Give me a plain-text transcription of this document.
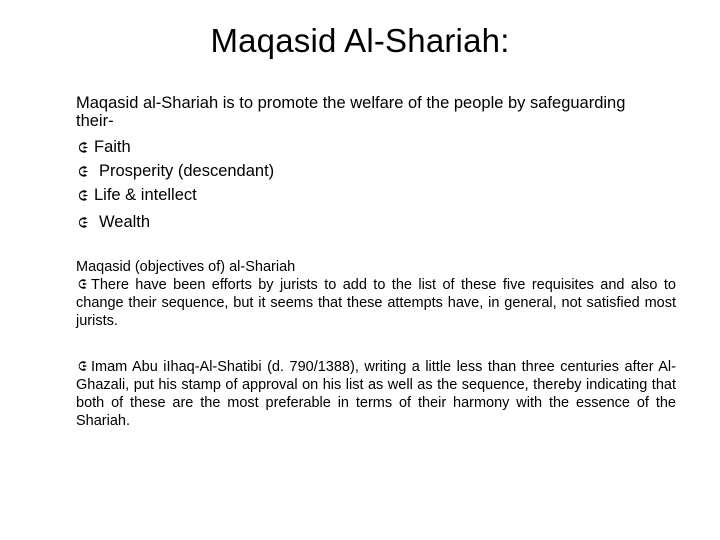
Maqasid Al-Shariah:
Maqasid al-Shariah is to promote the welfare of the people by safeguarding their-
Faith
Prosperity (descendant)
Life & intellect
Wealth
Maqasid (objectives of) al-Shariah

There have been efforts by jurists to add to the list of these five requisites and also to change their sequence, but it seems that these attempts have, in general, not satisfied most jurists.

Imam Abu iIhaq-Al-Shatibi (d. 790/1388), writing a little less than three centuries after Al-Ghazali, put his stamp of approval on his list as well as the sequence, thereby indicating that both of these are the most preferable in terms of their harmony with the essence of the Shariah.
